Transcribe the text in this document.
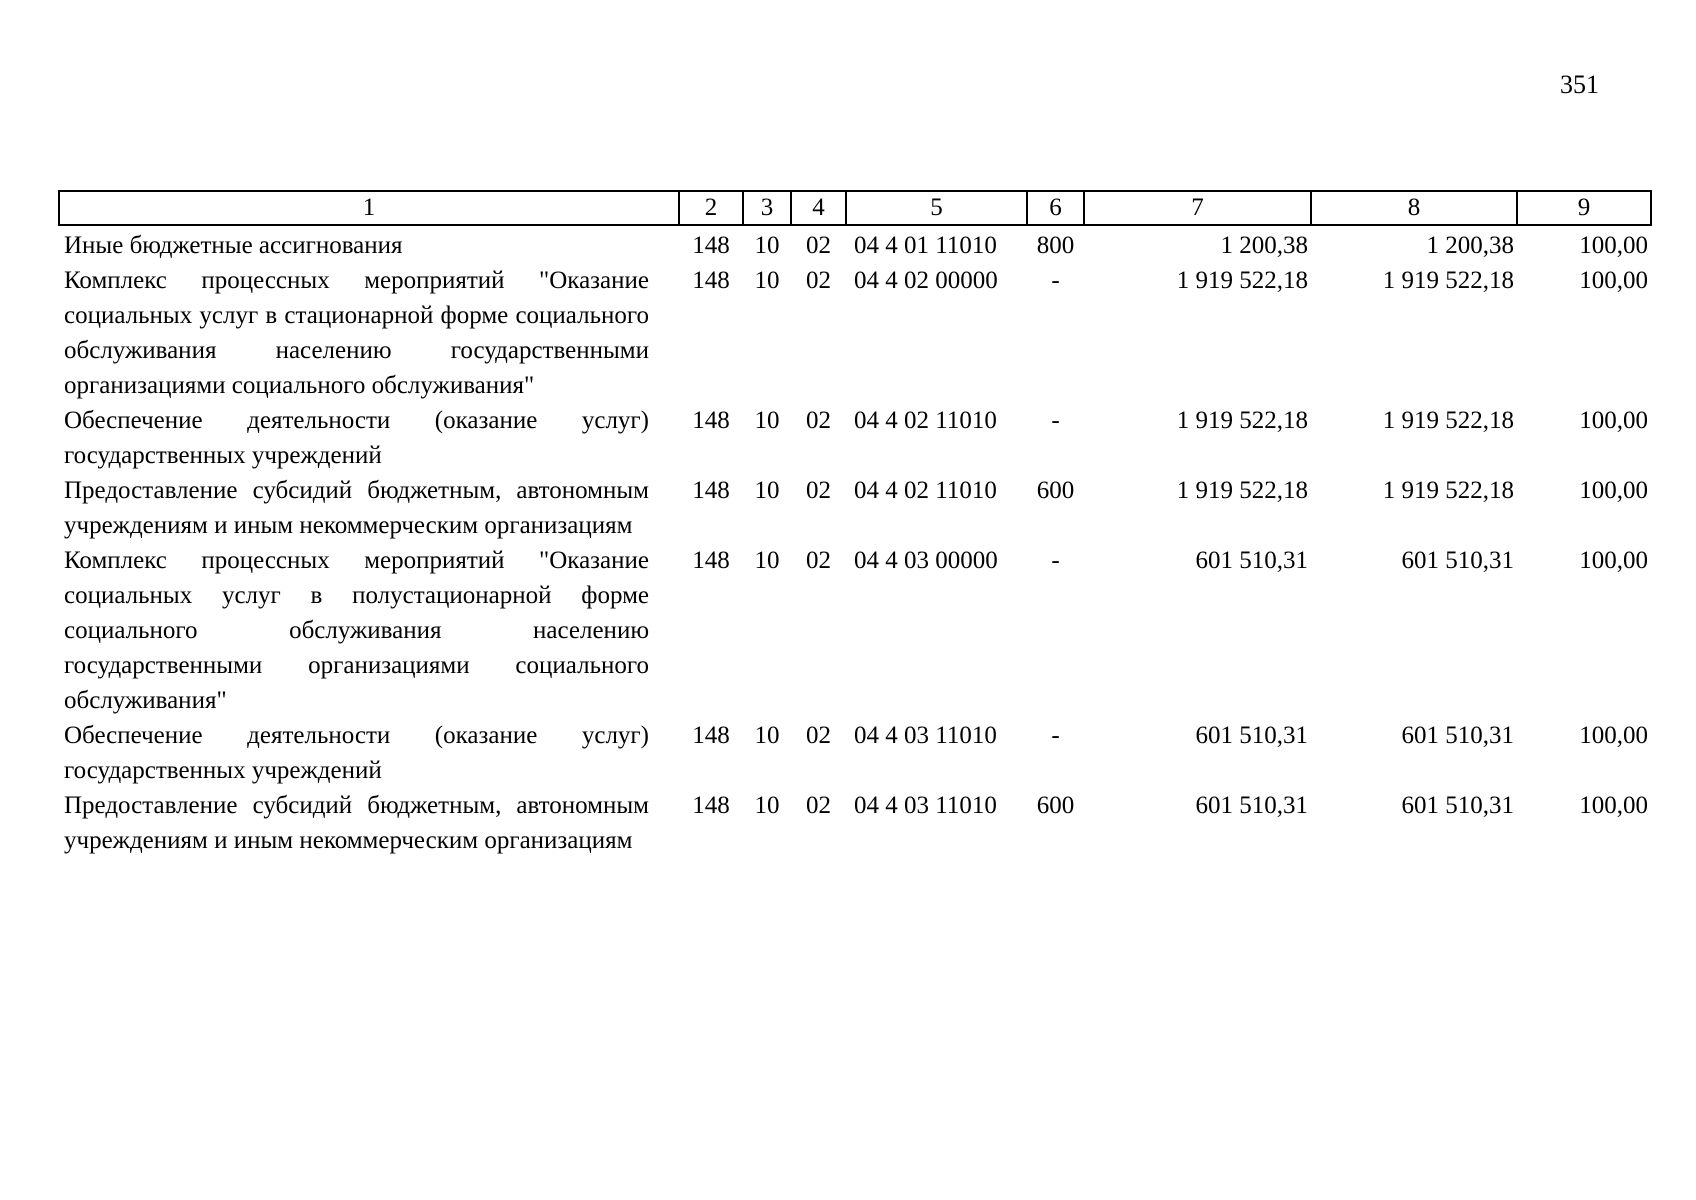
351
1	2	3	4	5	6	7	8	9
Иные бюджетные ассигнования	148	10	02	04 4 01 11010	800	1 200,38	1 200,38	100,00
Комплекс процессных мероприятий "Оказание социальных услуг в стационарной форме социального обслуживания населению государственными организациями социального обслуживания"	148	10	02	04 4 02 00000	-	1 919 522,18	1 919 522,18	100,00
Обеспечение деятельности (оказание услуг) государственных учреждений	148	10	02	04 4 02 11010	-	1 919 522,18	1 919 522,18	100,00
Предоставление субсидий бюджетным, автономным учреждениям и иным некоммерческим организациям	148	10	02	04 4 02 11010	600	1 919 522,18	1 919 522,18	100,00
Комплекс процессных мероприятий "Оказание социальных услуг в полустационарной форме социального обслуживания населению государственными организациями социального обслуживания"	148	10	02	04 4 03 00000	-	601 510,31	601 510,31	100,00
Обеспечение деятельности (оказание услуг) государственных учреждений	148	10	02	04 4 03 11010	-	601 510,31	601 510,31	100,00
Предоставление субсидий бюджетным, автономным учреждениям и иным некоммерческим организациям	148	10	02	04 4 03 11010	600	601 510,31	601 510,31	100,00
